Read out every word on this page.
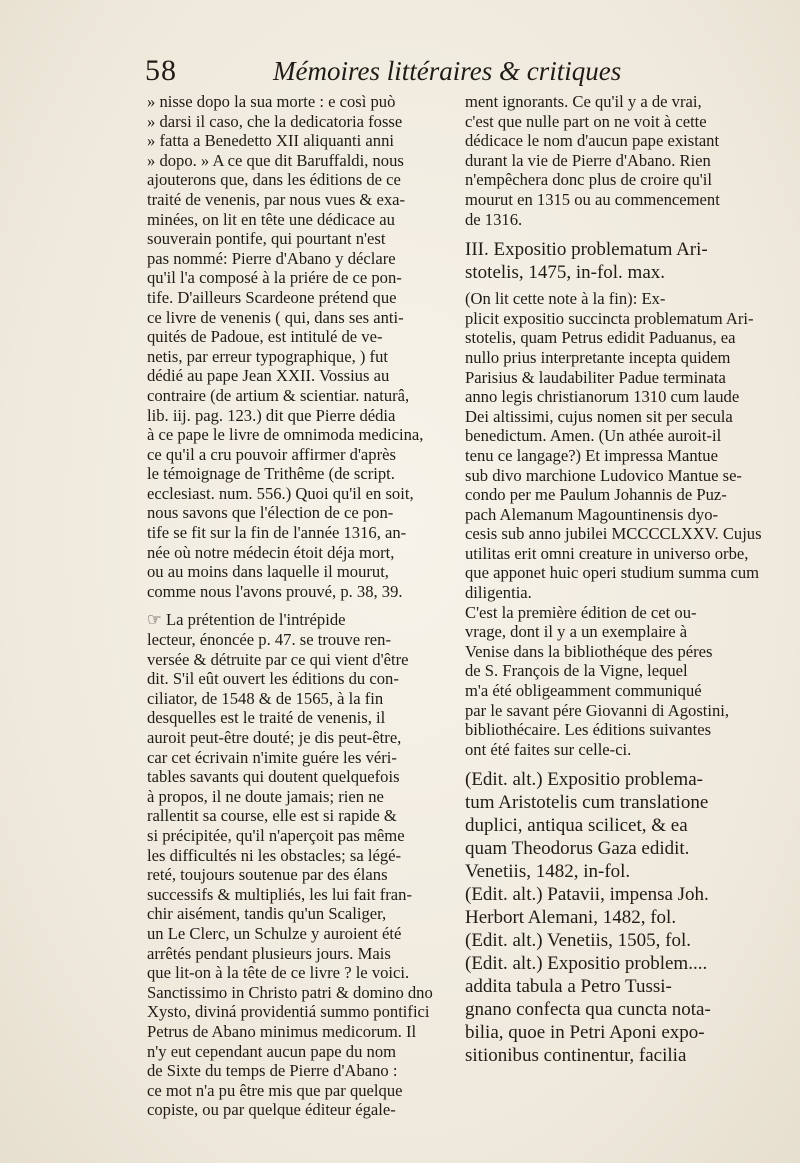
58	Mémoires littéraires & critiques
» nisse dopo la sua morte : e così può
» darsi il caso, che la dedicatoria fosse
» fatta a Benedetto XII aliquanti anni
» dopo. » A ce que dit Baruffaldi, nous
ajouterons que, dans les éditions de ce
traité de venenis, par nous vues & exa-
minées, on lit en tête une dédicace au
souverain pontife, qui pourtant n'est
pas nommé: Pierre d'Abano y déclare
qu'il l'a composé à la priére de ce pon-
tife. D'ailleurs Scardeone prétend que
ce livre de venenis ( qui, dans ses anti-
quités de Padoue, est intitulé de ve-
netis, par erreur typographique, ) fut
dédié au pape Jean XXII. Vossius au
contraire (de artium & scientiar. naturâ,
lib. iij. pag. 123.) dit que Pierre dédia
à ce pape le livre de omnimoda medicina,
ce qu'il a cru pouvoir affirmer d'après
le témoignage de Trithême (de script.
ecclesiast. num. 556.) Quoi qu'il en soit,
nous savons que l'élection de ce pon-
tife se fit sur la fin de l'année 1316, an-
née où notre médecin étoit déja mort,
ou au moins dans laquelle il mourut,
comme nous l'avons prouvé, p. 38, 39.
☞ La prétention de l'intrépide
lecteur, énoncée p. 47. se trouve ren-
versée & détruite par ce qui vient d'être
dit. S'il eût ouvert les éditions du con-
ciliator, de 1548 & de 1565, à la fin
desquelles est le traité de venenis, il
auroit peut-être douté; je dis peut-être,
car cet écrivain n'imite guére les véri-
tables savants qui doutent quelquefois
à propos, il ne doute jamais; rien ne
rallentit sa course, elle est si rapide &
si précipitée, qu'il n'aperçoit pas même
les difficultés ni les obstacles; sa légé-
reté, toujours soutenue par des élans
successifs & multipliés, les lui fait fran-
chir aisément, tandis qu'un Scaliger,
un Le Clerc, un Schulze y auroient été
arrêtés pendant plusieurs jours. Mais
que lit-on à la tête de ce livre ? le voici.
Sanctissimo in Christo patri & domino dno
Xysto, diviná providentiá summo pontifici
Petrus de Abano minimus medicorum. Il
n'y eut cependant aucun pape du nom
de Sixte du temps de Pierre d'Abano :
ce mot n'a pu être mis que par quelque
copiste, ou par quelque éditeur égale-
ment ignorants. Ce qu'il y a de vrai,
c'est que nulle part on ne voit à cette
dédicace le nom d'aucun pape existant
durant la vie de Pierre d'Abano. Rien
n'empêchera donc plus de croire qu'il
mourut en 1315 ou au commencement
de 1316.
III. Expositio problematum Ari-
stotelis, 1475, in-fol. max.
(On lit cette note à la fin): Ex-
plicit expositio succincta problematum Ari-
stotelis, quam Petrus edidit Paduanus, ea
nullo prius interpretante incepta quidem
Parisius & laudabiliter Padue terminata
anno legis christianorum 1310 cum laude
Dei altissimi, cujus nomen sit per secula
benedictum. Amen. (Un athée auroit-il
tenu ce langage?) Et impressa Mantue
sub divo marchione Ludovico Mantue se-
condo per me Paulum Johannis de Puz-
pach Alemanum Magountinensis dyo-
cesis sub anno jubilei MCCCCLXXV. Cujus
utilitas erit omni creature in universo orbe,
que apponet huic operi studium summa cum
diligentia.
C'est la première édition de cet ou-
vrage, dont il y a un exemplaire à
Venise dans la bibliothéque des péres
de S. François de la Vigne, lequel
m'a été obligeamment communiqué
par le savant pére Giovanni di Agostini,
bibliothécaire. Les éditions suivantes
ont été faites sur celle-ci.
(Edit. alt.) Expositio problema-
tum Aristotelis cum translatione
duplici, antiqua scilicet, & ea
quam Theodorus Gaza edidit.
Venetiis, 1482, in-fol.
(Edit. alt.) Patavii, impensa Joh.
Herbort Alemani, 1482, fol.
(Edit. alt.) Venetiis, 1505, fol.
(Edit. alt.) Expositio problem....
addita tabula a Petro Tussi-
gnano confecta qua cuncta nota-
bilia, quoe in Petri Aponi expo-
sitionibus continentur, facilia
